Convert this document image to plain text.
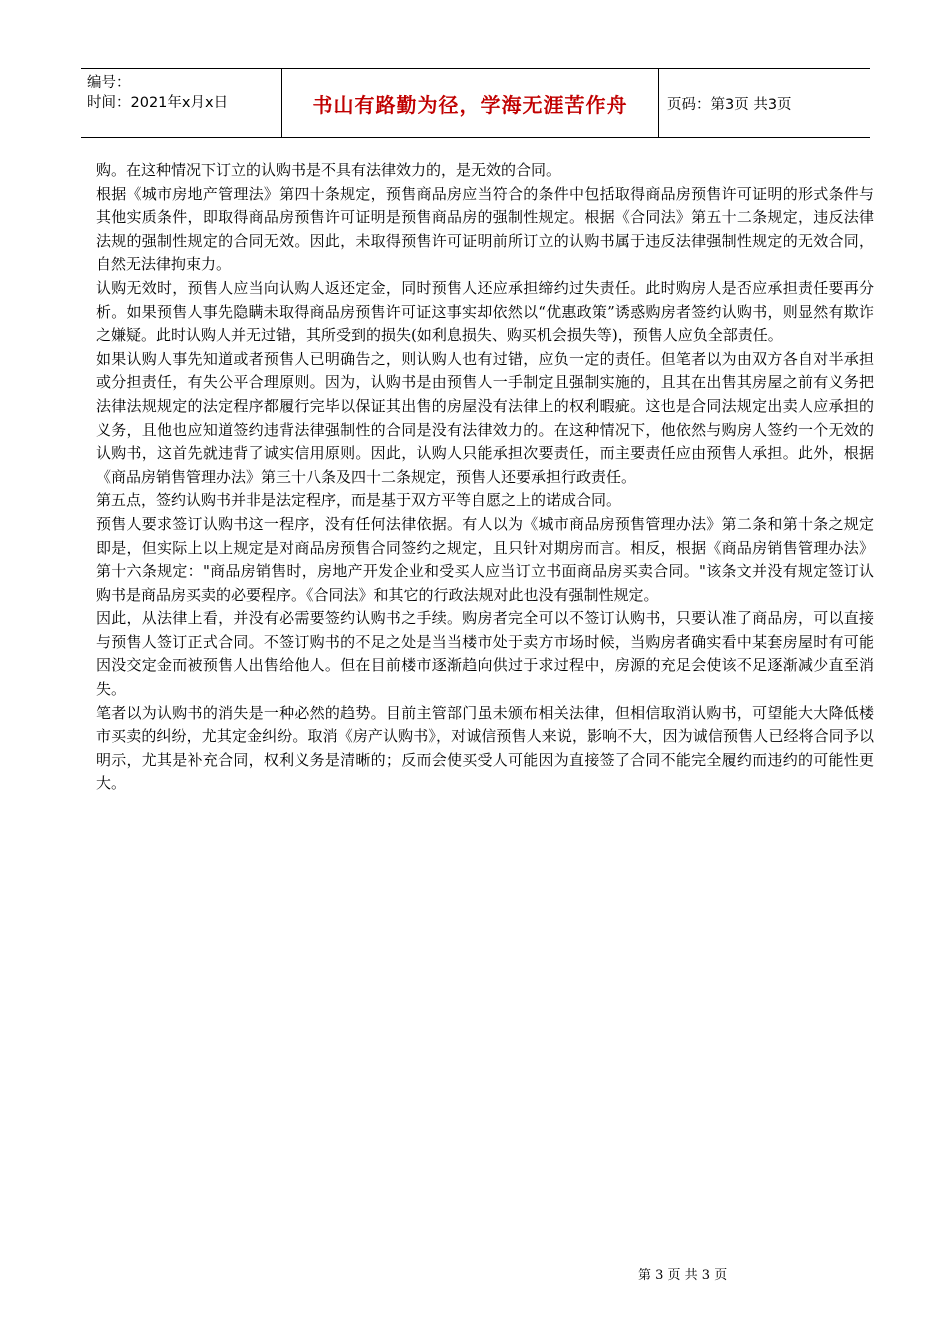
编号：
时间：2021年x月x日	书山有路勤为径，学海无涯苦作舟	页码：第3页 共3页

购。在这种情况下订立的认购书是不具有法律效力的，是无效的合同。

根据《城市房地产管理法》第四十条规定，预售商品房应当符合的条件中包括取得商品房预售许可证明的形式条件与其他实质条件，即取得商品房预售许可证明是预售商品房的强制性规定。根据《合同法》第五十二条规定，违反法律法规的强制性规定的合同无效。因此，未取得预售许可证明前所订立的认购书属于违反法律强制性规定的无效合同，自然无法律拘束力。

认购无效时，预售人应当向认购人返还定金，同时预售人还应承担缔约过失责任。此时购房人是否应承担责任要再分析。如果预售人事先隐瞒未取得商品房预售许可证这事实却依然以“优惠政策”诱惑购房者签约认购书，则显然有欺诈之嫌疑。此时认购人并无过错，其所受到的损失(如利息损失、购买机会损失等)，预售人应负全部责任。

如果认购人事先知道或者预售人已明确告之，则认购人也有过错，应负一定的责任。但笔者以为由双方各自对半承担或分担责任，有失公平合理原则。因为，认购书是由预售人一手制定且强制实施的，且其在出售其房屋之前有义务把法律法规规定的法定程序都履行完毕以保证其出售的房屋没有法律上的权利暇疵。这也是合同法规定出卖人应承担的义务，且他也应知道签约违背法律强制性的合同是没有法律效力的。在这种情况下，他依然与购房人签约一个无效的认购书，这首先就违背了诚实信用原则。因此，认购人只能承担次要责任，而主要责任应由预售人承担。此外，根据《商品房销售管理办法》第三十八条及四十二条规定，预售人还要承担行政责任。

第五点，签约认购书并非是法定程序，而是基于双方平等自愿之上的诺成合同。

预售人要求签订认购书这一程序，没有任何法律依据。有人以为《城市商品房预售管理办法》第二条和第十条之规定即是，但实际上以上规定是对商品房预售合同签约之规定，且只针对期房而言。相反，根据《商品房销售管理办法》第十六条规定："商品房销售时，房地产开发企业和受买人应当订立书面商品房买卖合同。"该条文并没有规定签订认购书是商品房买卖的必要程序。《合同法》和其它的行政法规对此也没有强制性规定。

因此，从法律上看，并没有必需要签约认购书之手续。购房者完全可以不签订认购书，只要认准了商品房，可以直接与预售人签订正式合同。不签订购书的不足之处是当当楼市处于卖方市场时候，当购房者确实看中某套房屋时有可能因没交定金而被预售人出售给他人。但在目前楼市逐渐趋向供过于求过程中，房源的充足会使该不足逐渐减少直至消失。

笔者以为认购书的消失是一种必然的趋势。目前主管部门虽未颁布相关法律，但相信取消认购书，可望能大大降低楼市买卖的纠纷，尤其定金纠纷。取消《房产认购书》，对诚信预售人来说，影响不大，因为诚信预售人已经将合同予以明示，尤其是补充合同，权利义务是清晰的；反而会使买受人可能因为直接签了合同不能完全履约而违约的可能性更大。

第 3 页 共 3 页
